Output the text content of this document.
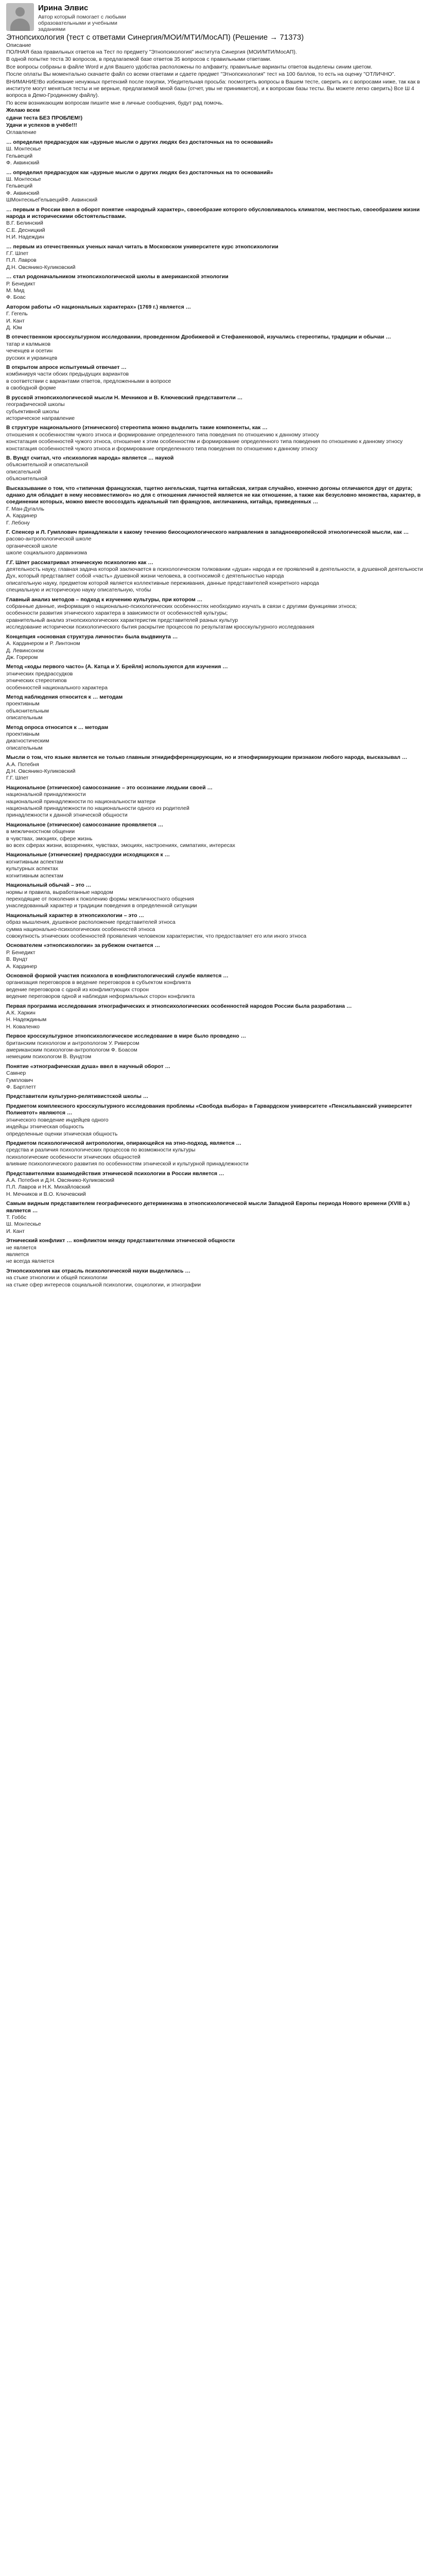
Ирина Элвис
Автор который помогает с любыми образовательными и учебными заданиями
Этнопсихология (тест с ответами Синергия/МОИ/МТИ/МосАП) (Решение → 71373)
Описание

ПОЛНАЯ база правильных ответов на Тест по предмету "Этнопсихология" института Синергия (МОИ/МТИ/МосАП).

В одной попытке теста 30 вопросов, в предлагаемой базе ответов 35 вопросов с правильными ответами.

Все вопросы собраны в файле Word и для Вашего удобства расположены по алфавиту, правильные варианты ответов выделены синим цветом.

После оплаты Вы моментально скачаете файл со всеми ответами и сдаете предмет "Этнопсихология" тест на 100 баллов, то есть на оценку "ОТЛИЧНО".

ВНИМАНИЕ!Во избежание ненужных претензий после покупки, Убедительная просьба: посмотреть вопросы в Вашем тесте, сверить их с вопросами ниже, так как в институте могут меняться тесты и не верные, предлагаемой мной базы (отчет, увы не принимается), и к вопросам базы тесты. Вы можете легко сверить) Все Ш 4 вопроса в Демо-Гродинному файлу).

По всем возникающим вопросам пишите мне в личные сообщения, будут рад помочь.

Желаю всем

сдачи теста БЕЗ ПРОБЛЕМ!)

Удачи и успехов в учёбе!!!

Оглавление

… определил предрасудок как «дурные мысли о других людях без достаточных на то оснований»

Ш. Монтескье

Гельвеций

Ф. Аквинский

… определил предрасудок как «дурные мысли о других людях без достаточных на то оснований»

Ш. Монтескье

Гельвеций

Ф. Аквинский

ШМонтескьеГельвецийФ. Аквинский

… первым в России ввел в оборот понятие «народный характер», своеобразие которого обусловливалось климатом, местностью, своеобразием жизни народа и историческими обстоятельствами.

В.Г. Белинский

С.Е. Десницкий

Н.И. Надеждин

… первым из отечественных ученых начал читать в Московском университете курс этнопсихологии

Г.Г. Шпет

П.Л. Лавров

Д.Н. Овсянико-Куликовский

… стал родоначальником этнопсихологической школы в американской этнологии

Р. Бенедикт

М. Мид

Ф. Боас

Автором работы «О национальных характерах» (1769 г.) является …

Г. Гегель

И. Кант

Д. Юм

В отечественном кросскультурном исследовании, проведенном Дробижевой и Стефаненковой, изучались стереотипы, традиции и обычаи …

татар и калмыков

чеченцев и осетин

русских и украинцев

В открытом апросе испытуемый отвечает …

комбинируя части обоих предыдущих вариантов

в соответствии с вариантами ответов, предложенными в вопросе

в свободной форме

В русской этнопсихологической мысли Н. Мечников и В. Ключевский представители …

географической школы

субъективной школы

историческое направление

В структуре национального (этнического) стереотипа можно выделить такие компоненты, как …

отношения к особенностям чужого этноса и формирование определенного типа поведения по отношению к данному этносу

констатация особенностей чужого этноса, отношение к этим особенностям и формирование определенного типа поведения по отношению к данному этносу

констатация особенностей чужого этноса и формирование определенного типа поведения по отношению к данному этносу

В. Вундт считал, что «психология народа» является … наукой

объяснительной и описательной

описательной

объяснительной

Высказывание о том, что «типичная французская, тщетно ангельская, тщетна китайская, хитрая случайно, конечно догоны отличаются друг от друга; однако для обладает в нему несовместимого» но для с отношения личностей является не как отношение, а также как безусловно множества, характер, в соединении которых, можно вместе воссоздать идеальный тип французов, англичанина, китайца, приведенных …

Г. Ман-Дугалль

А. Кардинер

Г. Лебону

Г. Спенсер и Л. Гумплович принадлежали к какому течению биосоциологического направления в западноевропейской этнологической мысли, как …

расово-антропологической школе

органической школе

школе социального дарвинизма

Г.Г. Шпет рассматривал этническую психологию как …

деятельность науку, главная задача которой заключается в психологическом толковании «души» народа и ее проявлений в деятельности, в душевной деятельности

Дух, который представляет собой «часть» душевной жизни человека, в соотносимой с деятельностью народа

описательную науку, предметом которой является коллективные переживания, данные представителей конкретного народа

специальную и историческую науку описательную, чтобы

Главный анализ методов – подход к изучению культуры, при котором …

собранные данные, информация о национально-психологических особенностях необходимо изучать в связи с другими функциями этноса;

особенности развития этнического характера в зависимости от особенностей культуры;

сравнительный анализ этнопсихологических характеристик представителей разных культур

исследование исторически психологического бытия раскрытие процессов по результатам кросскультурного исследования

Концепция «основная структура личности» была выдвинута …

А. Кардинером и Р. Линтоном

Д. Левинсоном

Дж. Горером

Метод «коды первого часто» (А. Катца и У. Брейля) используются для изучения …

этнических предрассудков

этнических стереотипов

особенностей национального характера

Метод наблюдения относится к … методам

проективным

объяснительным

описательным

Метод опроса относится к … методам

проективным

диагностическим

описательным

Мысли о том, что языке является не только главным этнидифференцирующим, но и этнофирмирующим признаком любого народа, высказывал …

А.А. Потебня

Д.Н. Овсянико-Куликовский

Г.Г. Шпет

Национальное (этническое) самосознание – это осознание людьми своей …

национальной принадлежности

национальной принадлежности по национальности матери

национальной принадлежности по национальности одного из родителей

принадлежности к данной этнической общности

Национальное (этническое) самосознание проявляется …

в межличностном общении

в чувствах, эмоциях, сфере жизнь

во всех сферах жизни, воззрениях, чувствах, эмоциях, настроениях, симпатиях, интересах

Национальные (этнические) предрассудки исходящихся к …

когнитивным аспектам

культурных аспектах

когнитивным аспектам

Национальный обычай – это …

нормы и правила, выработанные народом

переходящие от поколения к поколению формы межличностного общения

унаследованный характер и традиции поведения в определенной ситуации

Национальный характер в этнопсихологии – это …

образ мышления, душевное расположение представителей этноса

сумма национально-психологических особенностей этноса

совокупность этнических особенностей проявления человеком характеристик, что предоставляет его или иного этноса

Основателем «этнопсихологии» за рубежом считается …

Р. Бенедикт

В. Вундт

А. Кардинер

Основной формой участия психолога в конфликтологический службе является …

организация переговоров в ведение переговоров в субъектом конфликта

ведение переговоров с одной из конфликтующих сторон

ведение переговоров одной и наблюдая неформальных сторон конфликта

Первая программа исследования этнографических и этнопсихологических особенностей народов России была разработана …

А.К. Харкин

Н. Надеждиным

Н. Коваленко

Первое кросскультурное этнопсихологическое исследование в мире было проведено …

британским психологом и антропологом У. Риверсом

американским психологом-антропологом Ф. Боасом

немецким психологом В. Вундтом

Понятие «этнографическая душа» ввел в научный оборот …

Самнер

Гумплович

Ф. Бартлетт

Представители культурно-релятивистской школы …

Предметом комплексного кросскультурного исследования проблемы «Свобода выбора» в Гарвардском университете «Пенсильванский университет Полиевтот» являются …

этнического поведение индейцев одного

индейцы этническая общность

определенные оценки этническая общность

Предметом психологической антропологии, опирающейся на этно-подход, является …

средства и различия психологических процессов по возможности культуры

психологические особенности этнических общностей

влияние психологического развития по особенностям этнической и культурной принадлежности

Представителями взаимодействия этнической психологии в России является …

А.А. Потебня и Д.Н. Овсянико-Куликовский

П.Л. Лавров и Н.К. Михайловский

Н. Мечников и В.О. Ключевский

Самым видным представителем географического детерминизма в этнопсихологической мысли Западной Европы периода Нового времени (XVIII в.) является …

Т. Гоббс

Ш. Монтескье

И. Кант

Этнический конфликт … конфликтом между представителями этнической общности

не является

является

не всегда является

Этнопсихология как отрасль психологической науки выделилась …

на стыке этнологии и общей психологии

на стыке сфер интересов социальной психологии, социологии, и этнографии
